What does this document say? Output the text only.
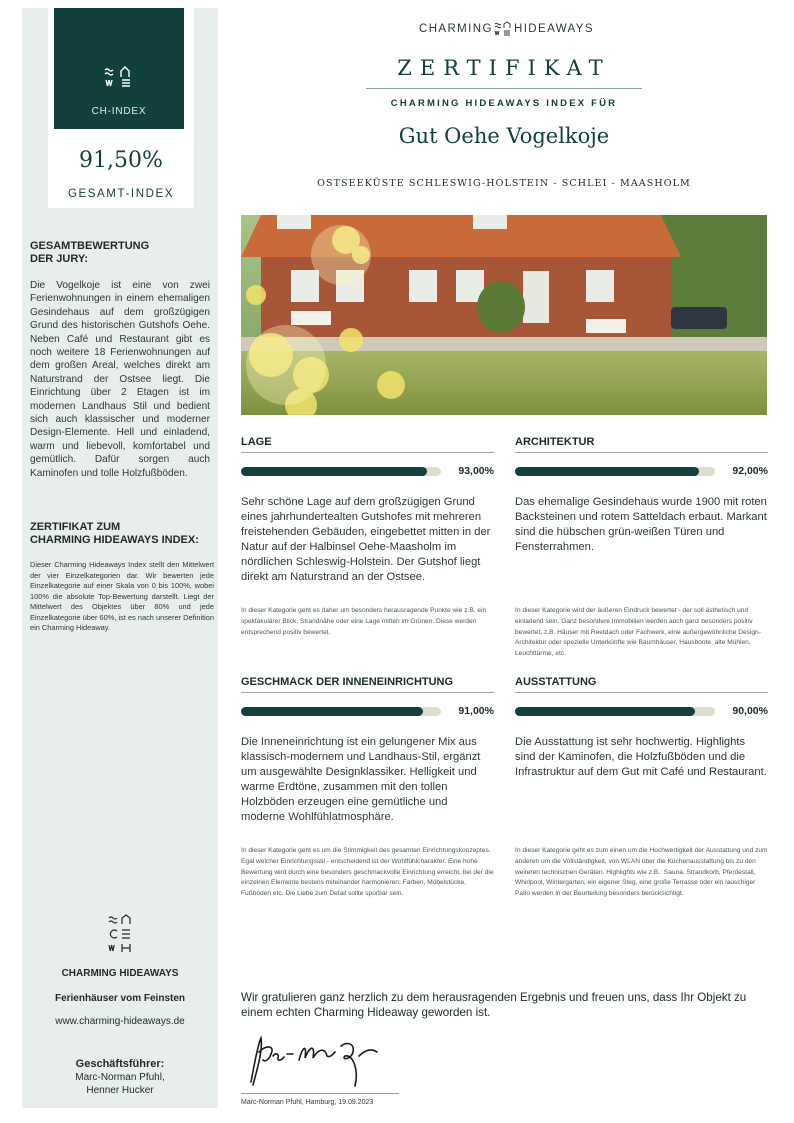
CH-INDEX
91,50%
GESAMT-INDEX
GESAMTBEWERTUNG
DER JURY:
Die Vogelkoje ist eine von zwei Ferienwohnungen in einem ehemaligen Gesindehaus auf dem großzügigen Grund des historischen Gutshofs Oehe. Neben Café und Restaurant gibt es noch weitere 18 Ferienwohnungen auf dem großen Areal, welches direkt am Naturstrand der Ostsee liegt. Die Einrichtung über 2 Etagen ist im modernen Landhaus Stil und bedient sich auch klassischer und moderner Design-Elemente. Hell und einladend, warm und liebevoll, komfortabel und gemütlich. Dafür sorgen auch Kaminofen und tolle Holzfußböden.
ZERTIFIKAT ZUM
CHARMING HIDEAWAYS INDEX:
Dieser Charming Hideaways Index stellt den Mittelwert der vier Einzelkategorien dar. Wir bewerten jede Einzelkategorie auf einer Skala von 0 bis 100%, wobei 100% die absolute Top-Bewertung darstellt. Liegt der Mittelwert des Objektes über 80% und jede Einzelkategorie über 60%, ist es nach unserer Definition ein Charming Hideaway.
CHARMING HIDEAWAYS
Ferienhäuser vom Feinsten
www.charming-hideaways.de
Geschäftsführer:
Marc-Norman Pfuhl,
Henner Hucker
CHARMING HIDEAWAYS
ZERTIFIKAT
CHARMING HIDEAWAYS INDEX FÜR
Gut Oehe Vogelkoje
OSTSEEKÜSTE SCHLESWIG-HOLSTEIN - SCHLEI - MAASHOLM
LAGE
93,00%
Sehr schöne Lage auf dem großzügigen Grund eines jahrhundertealten Gutshofes mit mehreren freistehenden Gebäuden, eingebettet mitten in der Natur auf der Halbinsel Oehe-Maasholm im nördlichen Schleswig-Holstein. Der Gutshof liegt direkt am Naturstrand an der Ostsee.
In dieser Kategorie geht es daher um besonders herausragende Punkte wie z.B. ein spektakulärer Blick, Strandnähe oder eine Lage mitten im Grünen. Diese werden entsprechend positiv bewertet.
ARCHITEKTUR
92,00%
Das ehemalige Gesindehaus wurde 1900 mit roten Backsteinen und rotem Satteldach erbaut. Markant sind die hübschen grün-weißen Türen und Fensterrahmen.
In dieser Kategorie wird der äußeren Eindruck bewertet - der soll ästhetisch und einladend sein. Ganz besondere Immobilien werden auch ganz besonders positiv bewertet, z.B. Häuser mit Reetdach oder Fachwerk, eine außergewöhnliche Design-Architektur oder spezielle Unterkünfte wie Baumhäuser, Hausboote, alte Mühlen, Leuchttürme, etc.
GESCHMACK DER INNENEINRICHTUNG
91,00%
Die Inneneinrichtung ist ein gelungener Mix aus klassisch-modernem und Landhaus-Stil, ergänzt um ausgewählte Designklassiker. Helligkeit und warme Erdtöne, zusammen mit den tollen Holzböden erzeugen eine gemütliche und moderne Wohlfühlatmosphäre.
In dieser Kategorie geht es um die Stimmigkeit des gesamten Einrichtungskonzeptes. Egal welcher Einrichtungsstil - entscheidend ist der Wohlfühlcharakter. Eine hohe Bewertung wird durch eine besonders geschmackvolle Einrichtung erreicht, bei der die einzelnen Elemente bestens miteinander harmonieren: Farben, Möbelstücke, Fußböden etc. Die Liebe zum Detail sollte spürbar sein.
AUSSTATTUNG
90,00%
Die Ausstattung ist sehr hochwertig. Highlights sind der Kaminofen, die Holzfußböden und die Infrastruktur auf dem Gut mit Café und Restaurant.
In dieser Kategorie geht es zum einen um die Hochwertigkeit der Ausstattung und zum anderen um die Vollständigkeit, von WLAN über die Küchenausstattung bis zu den weiteren technischen Geräten. Highlights wie z.B.: Sauna, Strandkorb, Pferdestall, Whirlpool, Wintergarten, ein eigener Steg, eine große Terrasse oder ein lauschiger Patio werden in der Beurteilung besonders berücksichtigt.
Wir gratulieren ganz herzlich zu dem herausragenden Ergebnis und freuen uns, dass Ihr Objekt zu einem echten Charming Hideaway geworden ist.
Marc-Norman Pfuhl, Hamburg, 19.09.2023
